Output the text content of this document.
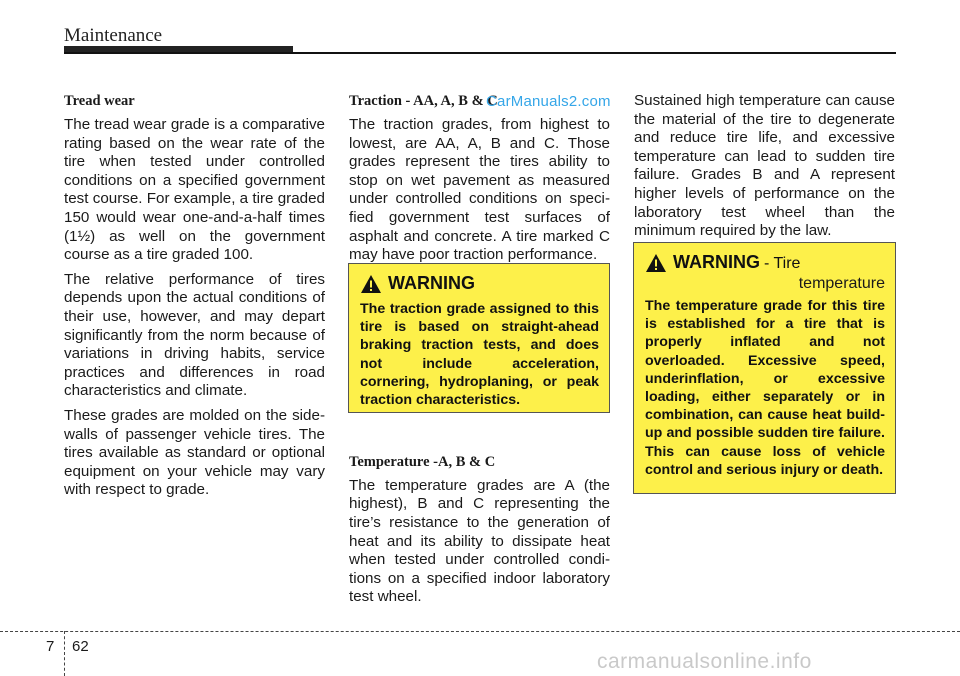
Maintenance
Tread wear

The tread wear grade is a comparative rating based on the wear rate of the tire when tested under controlled conditions on a specified government test course. For example, a tire graded 150 would wear one-and-a-half times (1½) as well on the government course as a tire graded 100.

The relative performance of tires depends upon the actual conditions of their use, however, and may depart significantly from the norm because of variations in driving habits, service practices and differences in road characteristics and climate.

These grades are molded on the side-walls of passenger vehicle tires. The tires available as standard or optional equipment on your vehicle may vary with respect to grade.

Traction - AA, A, B & C

The traction grades, from highest to lowest, are AA, A, B and C. Those grades represent the tires ability to stop on wet pavement as measured under controlled conditions on specified government test surfaces of asphalt and concrete. A tire marked C may have poor traction performance.

Temperature -A, B & C

The temperature grades are A (the highest), B and C representing the tire’s resistance to the generation of heat and its ability to dissipate heat when tested under controlled conditions on a specified indoor laboratory test wheel.

Sustained high temperature can cause the material of the tire to degenerate and reduce tire life, and excessive temperature can lead to sudden tire failure. Grades B and A represent higher levels of performance on the laboratory test wheel than the minimum required by the law.

WARNING
The traction grade assigned to this tire is based on straight-ahead braking traction tests, and does not include acceleration, cornering, hydroplaning, or peak traction characteristics.
WARNING - Tire
temperature
The temperature grade for this tire is established for a tire that is properly inflated and not overloaded. Excessive speed, underinflation, or excessive loading, either separately or in combination, can cause heat build-up and possible sudden tire failure. This can cause loss of vehicle control and serious injury or death.
CarManuals2.com
7 62
carmanualsonline.info
